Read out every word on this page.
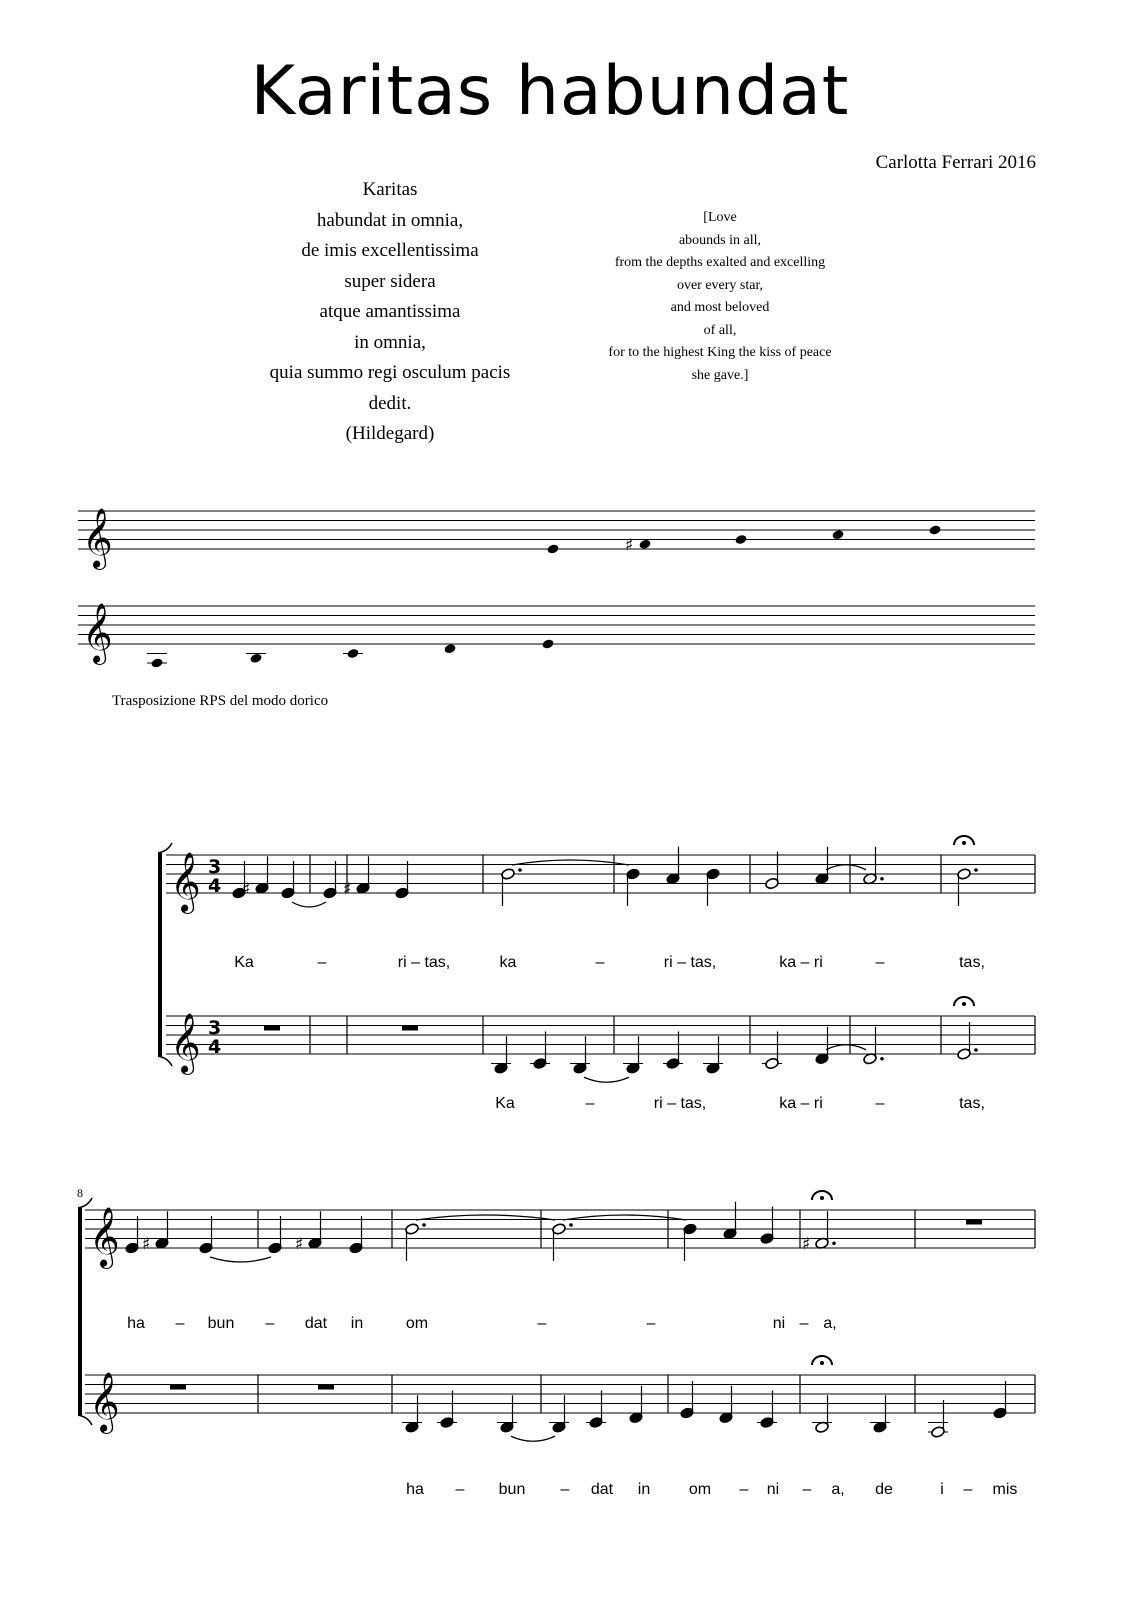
Karitas habundat
Carlotta Ferrari 2016
Karitas
habundat in omnia,
de imis excellentissima
super sidera
atque amantissima
in omnia,
quia summo regi osculum pacis
dedit.
(Hildegard)
[Love
abounds in all,
from the depths exalted and excelling
over every star,
and most beloved
of all,
for to the highest King the kiss of peace
she gave.]
Trasposizione RPS del modo dorico
𝄞
𝄞
♯
𝄞
𝄞
3
4
3
4
♯	♯
Ka	–	ri – tas,	ka	–	ri – tas,	ka – ri	–	tas,
Ka	–	ri – tas,	ka – ri	–	tas,
𝄞
𝄞
8
♯	♯	♯
ha – bun – dat in	om	–	–	ni – a,
ha – bun – dat in om – ni – a, de	i – mis
